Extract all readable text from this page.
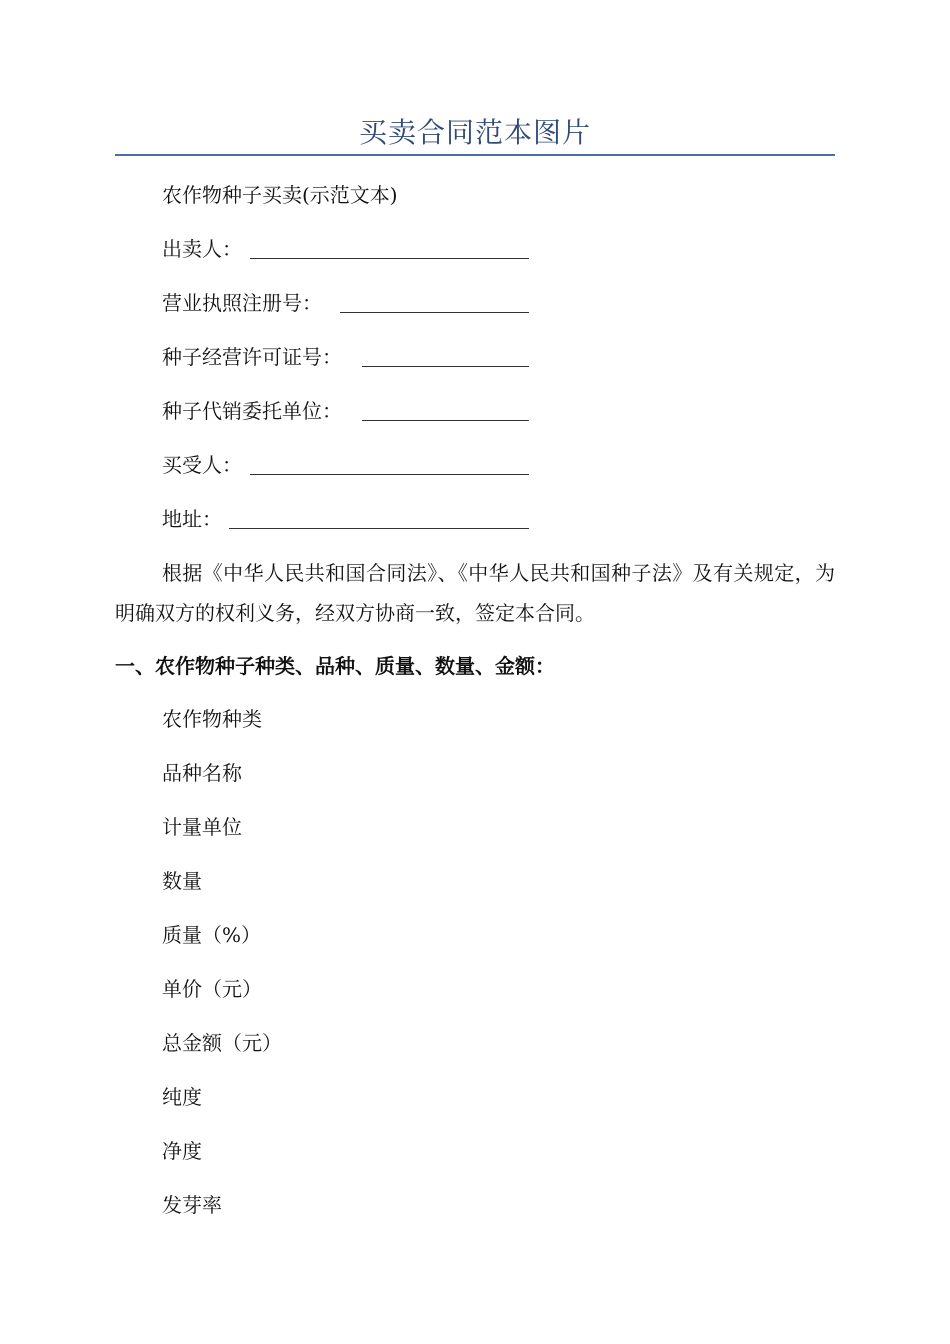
买卖合同范本图片
农作物种子买卖(示范文本)
出卖人：
营业执照注册号：
种子经营许可证号：
种子代销委托单位：
买受人：
地址：
根据《中华人民共和国合同法》、《中华人民共和国种子法》及有关规定，为明确双方的权利义务，经双方协商一致，签定本合同。
一、农作物种子种类、品种、质量、数量、金额：
农作物种类
品种名称
计量单位
数量
质量（%）
单价（元）
总金额（元）
纯度
净度
发芽率
